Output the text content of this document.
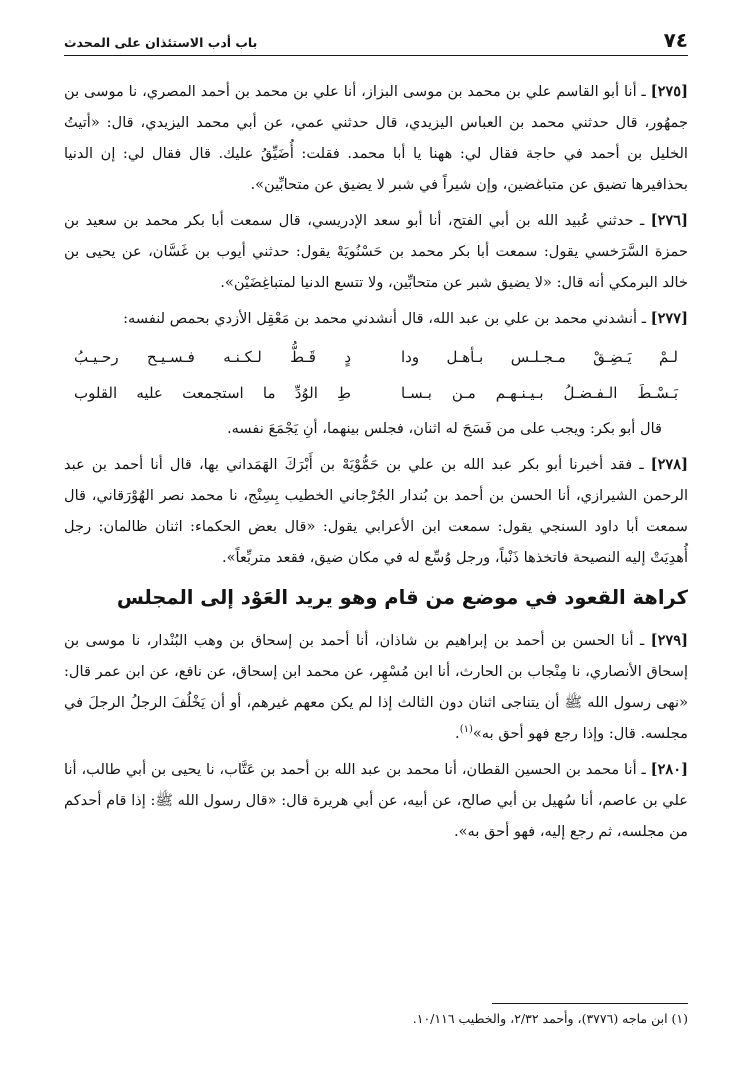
٧٤
باب أدب الاستئذان على المحدث

[٢٧٥] ـ أنا أبو القاسم علي بن محمد بن موسى البزاز، أنا علي بن محمد بن أحمد المصري، نا موسى بن جمهُور، قال حدثني محمد بن العباس اليزيدي، قال حدثني عمي، عن أبي محمد اليزيدي، قال: «أتيتُ الخليل بن أحمد في حاجة فقال لي: ههنا يا أبا محمد. فقلت: أُضَيِّقُ عليك. قال فقال لي: إن الدنيا بحذافيرها تضيق عن متباغضين، وإن شيراً في شبر لا يضيق عن متحابِّين».

[٢٧٦] ـ حدثني عُبيد الله بن أبي الفتح، أنا أبو سعد الإدريسي، قال سمعت أبا بكر محمد بن سعيد بن حمزة السَّرَخسي يقول: سمعت أبا بكر محمد بن حَسْنُويَهْ يقول: حدثني أيوب بن غَسَّان، عن يحيى بن خالد البرمكي أنه قال: «لا يضيق شبر عن متحابِّين، ولا تتسع الدنيا لمتباغِضَيْن».

[٢٧٧] ـ أنشدني محمد بن علي بن عبد الله، قال أنشدني محمد بن مَعْقِل الأزدي بحمص لنفسه:

لـمْ يَـضِـقْ مـجـلـس بـأهـل ودا
دٍ قَـطُّ لـكـنـه فـسـيـح رحـيـبُ
بَـسْـطَ الـفـضـلُ بـيـنـهـم مـن بـسـا
طِ الوُدِّ ما استجمعت عليه القلوب

قال أبو بكر: ويجب على من فَسَحَ له اثنان، فجلس بينهما، أنِ يَجْمَعَ نفسه.

[٢٧٨] ـ فقد أخبرنا أبو بكر عبد الله بن علي بن حَمُّوْيَهْ بن أَبْرَكَ الهَمَداني بها، قال أنا أحمد بن عبد الرحمن الشيرازي، أنا الحسن بن أحمد بن بُندار الجُرْجاني الخطيب بِسِنْج، نا محمد نصر الهُوْرَقاني، قال سمعت أبا داود السنجي يقول: سمعت ابن الأعرابي يقول: «قال بعض الحكماء: اثنان ظالمان: رجل أُهدِيَتْ إليه النصيحة فاتخذها ذَنْباً، ورجل وُسِّع له في مكان ضيق، فقعد متربِّعاً».

كراهة القعود في موضع من قام وهو يريد العَوْد إلى المجلس

[٢٧٩] ـ أنا الحسن بن أحمد بن إبراهيم بن شاذان، أنا أحمد بن إسحاق بن وهب البُنْدار، نا موسى بن إسحاق الأنصاري، نا مِنْجاب بن الحارث، أنا ابن مُسْهِر، عن محمد ابن إسحاق، عن نافع، عن ابن عمر قال: «نهى رسول الله ﷺ أن يتناجى اثنان دون الثالث إذا لم يكن معهم غيرهم، أو أن يَخْلُفَ الرجلُ الرجلَ في مجلسه. قال: وإذا رجع فهو أحق به»$^{(١)}$.

[٢٨٠] ـ أنا محمد بن الحسين القطان، أنا محمد بن عبد الله بن أحمد بن عَتَّاب، نا يحيى بن أبي طالب، أنا علي بن عاصم، أنا سُهيل بن أبي صالح، عن أبيه، عن أبي هريرة قال: «قال رسول الله ﷺ: إذا قام أحدكم من مجلسه، ثم رجع إليه، فهو أحق به».

(١) ابن ماجه (٣٧٧٦)، وأحمد ٢/٣٢، والخطيب ١٠/١١٦.
